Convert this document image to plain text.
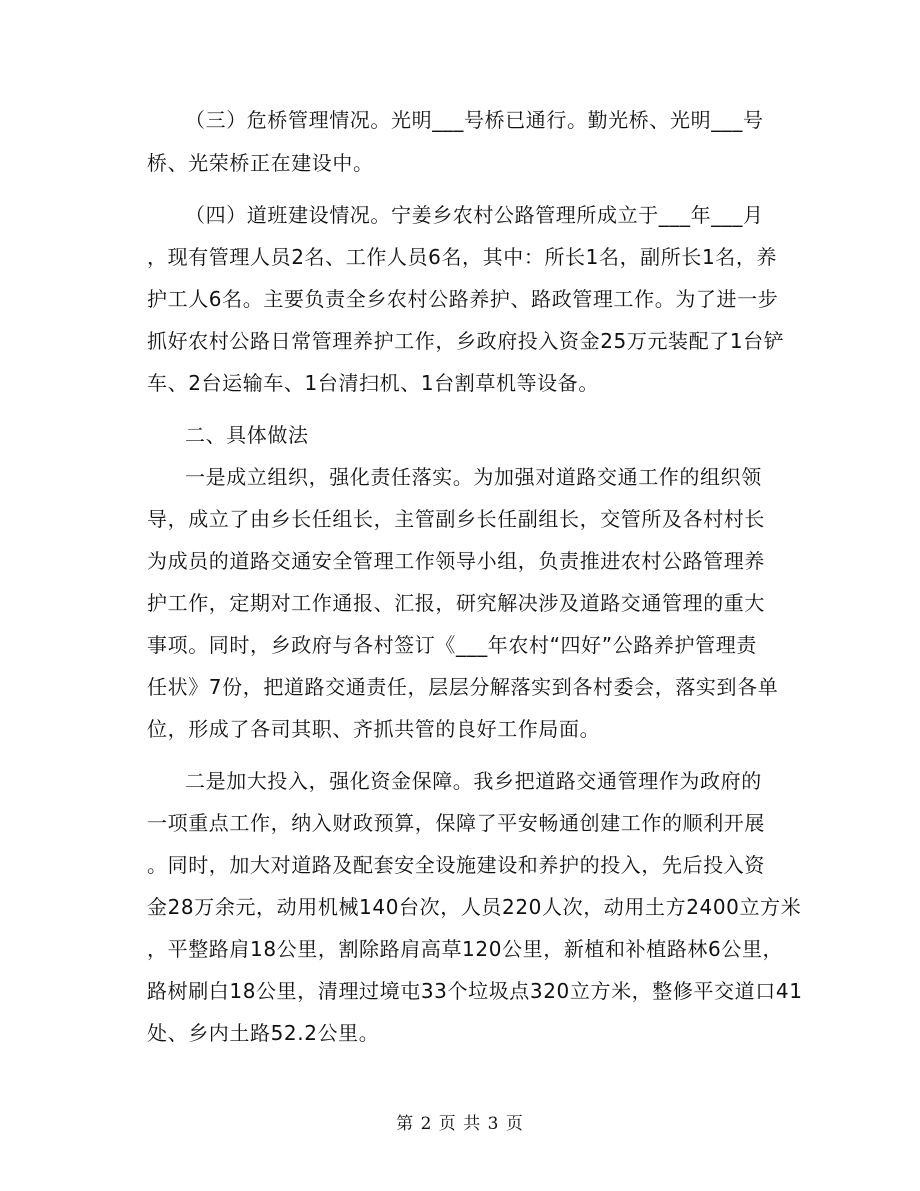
（三）危桥管理情况。光明___号桥已通行。勤光桥、光明___号
桥、光荣桥正在建设中。
（四）道班建设情况。宁姜乡农村公路管理所成立于___年___月
，现有管理人员2名、工作人员6名，其中：所长1名，副所长1名，养
护工人6名。主要负责全乡农村公路养护、路政管理工作。为了进一步
抓好农村公路日常管理养护工作，乡政府投入资金25万元装配了1台铲
车、2台运输车、1台清扫机、1台割草机等设备。
二、具体做法
一是成立组织，强化责任落实。为加强对道路交通工作的组织领
导，成立了由乡长任组长，主管副乡长任副组长，交管所及各村村长
为成员的道路交通安全管理工作领导小组，负责推进农村公路管理养
护工作，定期对工作通报、汇报，研究解决涉及道路交通管理的重大
事项。同时，乡政府与各村签订《___年农村“四好”公路养护管理责
任状》7份，把道路交通责任，层层分解落实到各村委会，落实到各单
位，形成了各司其职、齐抓共管的良好工作局面。
二是加大投入，强化资金保障。我乡把道路交通管理作为政府的
一项重点工作，纳入财政预算，保障了平安畅通创建工作的顺利开展
。同时，加大对道路及配套安全设施建设和养护的投入，先后投入资
金28万余元，动用机械140台次，人员220人次，动用土方2400立方米
，平整路肩18公里，割除路肩高草120公里，新植和补植路林6公里，
路树刷白18公里，清理过境屯33个垃圾点320立方米，整修平交道口41
处、乡内土路52.2公里。
第 2 页 共 3 页
